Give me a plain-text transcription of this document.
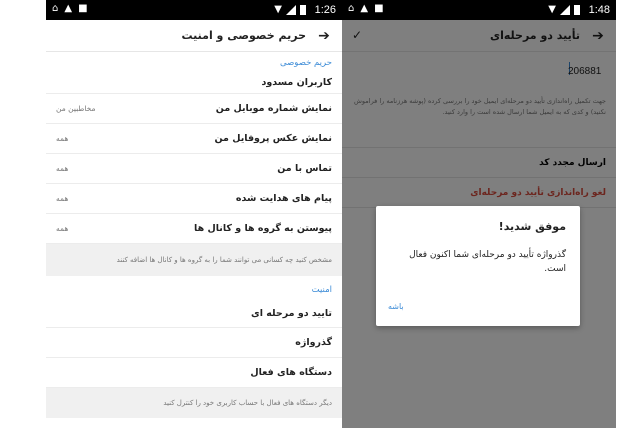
⌂ ▲ ■	▼	1:26
➔
حریم خصوصی و امنیت
حریم خصوصی
کاربران مسدود
نمایش شماره موبایل من
مخاطبین من
نمایش عکس پروفایل من
همه
تماس با من
همه
پیام های هدایت شده
همه
پیوستن به گروه ها و کانال ها
همه
مشخص کنید چه کسانی می توانند شما را به گروه ها و کانال ها اضافه کنند
امنیت
تایید دو مرحله ای
گذرواژه
دستگاه های فعال
دیگر دستگاه های فعال با حساب کاربری خود را کنترل کنید
⌂ ▲ ■	▼	1:48
موفق شدید!
گذرواژه تأیید دو مرحله‌ای شما اکنون فعال است.
باشه
